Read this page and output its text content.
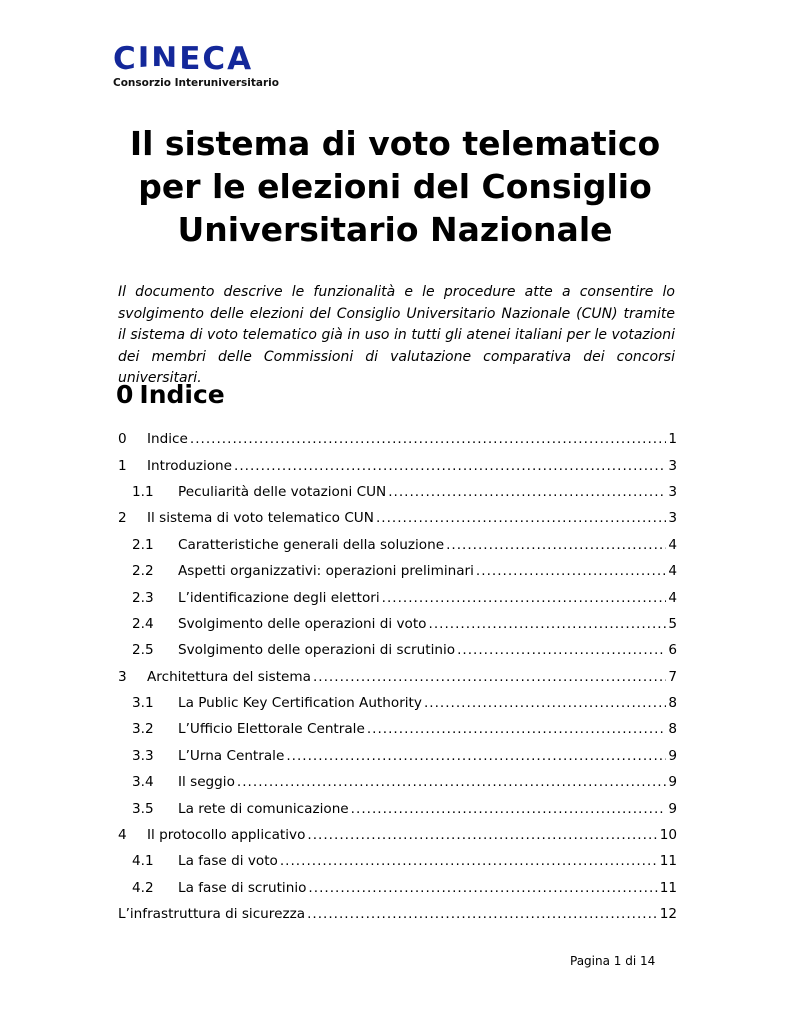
CINECA
Consorzio Interuniversitario
Il sistema di voto telematico
per le elezioni del Consiglio
Universitario Nazionale
Il documento descrive le funzionalità e le procedure atte a consentire lo svolgimento delle elezioni del Consiglio Universitario Nazionale (CUN) tramite il sistema di voto telematico già in uso in tutti gli atenei italiani per le votazioni dei membri delle Commissioni di valutazione comparativa dei concorsi universitari.
0 Indice
0	Indice .....	1
1	Introduzione .....	3
1.1	Peculiarità delle votazioni CUN .....	3
2	Il sistema di voto telematico CUN .....	3
2.1	Caratteristiche generali della soluzione .....	4
2.2	Aspetti organizzativi: operazioni preliminari .....	4
2.3	L’identificazione degli elettori .....	4
2.4	Svolgimento delle operazioni di voto .....	5
2.5	Svolgimento delle operazioni di scrutinio .....	6
3	Architettura del sistema .....	7
3.1	La Public Key Certification Authority .....	8
3.2	L’Ufficio Elettorale Centrale .....	8
3.3	L’Urna Centrale .....	9
3.4	Il seggio .....	9
3.5	La rete di comunicazione .....	9
4	Il protocollo applicativo .....	10
4.1	La fase di voto .....	11
4.2	La fase di scrutinio .....	11
L’infrastruttura di sicurezza .....	12
Pagina 1 di 14
